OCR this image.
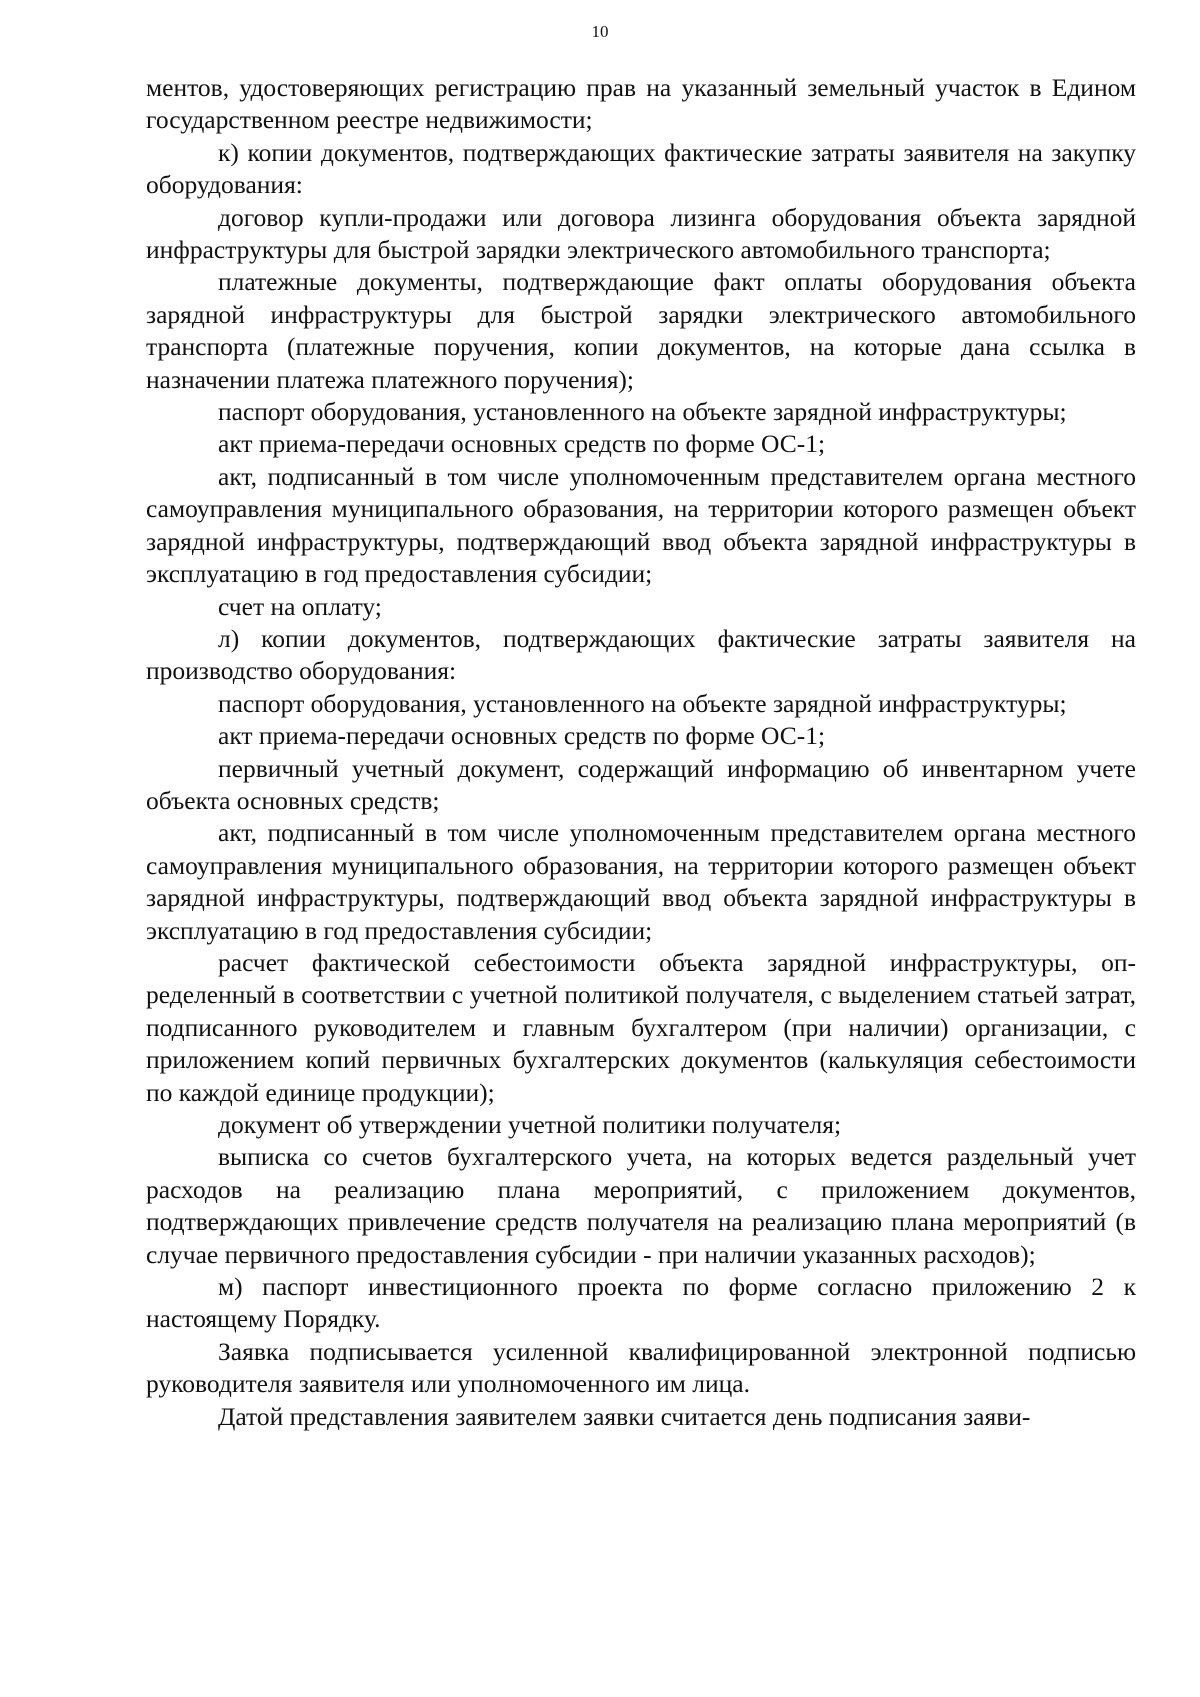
10

ментов, удостоверяющих регистрацию прав на указанный земельный участок в Едином государственном реестре недвижимости;

к) копии документов, подтверждающих фактические затраты заявителя на закупку оборудования:

договор купли-продажи или договора лизинга оборудования объекта зарядной инфраструктуры для быстрой зарядки электрического автомобильного транспорта;

платежные документы, подтверждающие факт оплаты оборудования объекта зарядной инфраструктуры для быстрой зарядки электрического автомобильного транспорта (платежные поручения, копии документов, на которые дана ссылка в назначении платежа платежного поручения);

паспорт оборудования, установленного на объекте зарядной инфраструктуры;

акт приема-передачи основных средств по форме ОС-1;

акт, подписанный в том числе уполномоченным представителем органа местного самоуправления муниципального образования, на территории которого размещен объект зарядной инфраструктуры, подтверждающий ввод объекта зарядной инфраструктуры в эксплуатацию в год предоставления субсидии;

счет на оплату;

л) копии документов, подтверждающих фактические затраты заявителя на производство оборудования:

паспорт оборудования, установленного на объекте зарядной инфраструктуры;

акт приема-передачи основных средств по форме ОС-1;

первичный учетный документ, содержащий информацию об инвентарном учете объекта основных средств;

акт, подписанный в том числе уполномоченным представителем органа местного самоуправления муниципального образования, на территории которого размещен объект зарядной инфраструктуры, подтверждающий ввод объекта зарядной инфраструктуры в эксплуатацию в год предоставления субсидии;

расчет фактической себестоимости объекта зарядной инфраструктуры, определенный в соответствии с учетной политикой получателя, с выделением статьей затрат, подписанного руководителем и главным бухгалтером (при наличии) организации, с приложением копий первичных бухгалтерских документов (калькуляция себестоимости по каждой единице продукции);

документ об утверждении учетной политики получателя;

выписка со счетов бухгалтерского учета, на которых ведется раздельный учет расходов на реализацию плана мероприятий, с приложением документов, подтверждающих привлечение средств получателя на реализацию плана мероприятий (в случае первичного предоставления субсидии - при наличии указанных расходов);

м) паспорт инвестиционного проекта по форме согласно приложению 2 к настоящему Порядку.

Заявка подписывается усиленной квалифицированной электронной подписью руководителя заявителя или уполномоченного им лица.

Датой представления заявителем заявки считается день подписания заяви-
